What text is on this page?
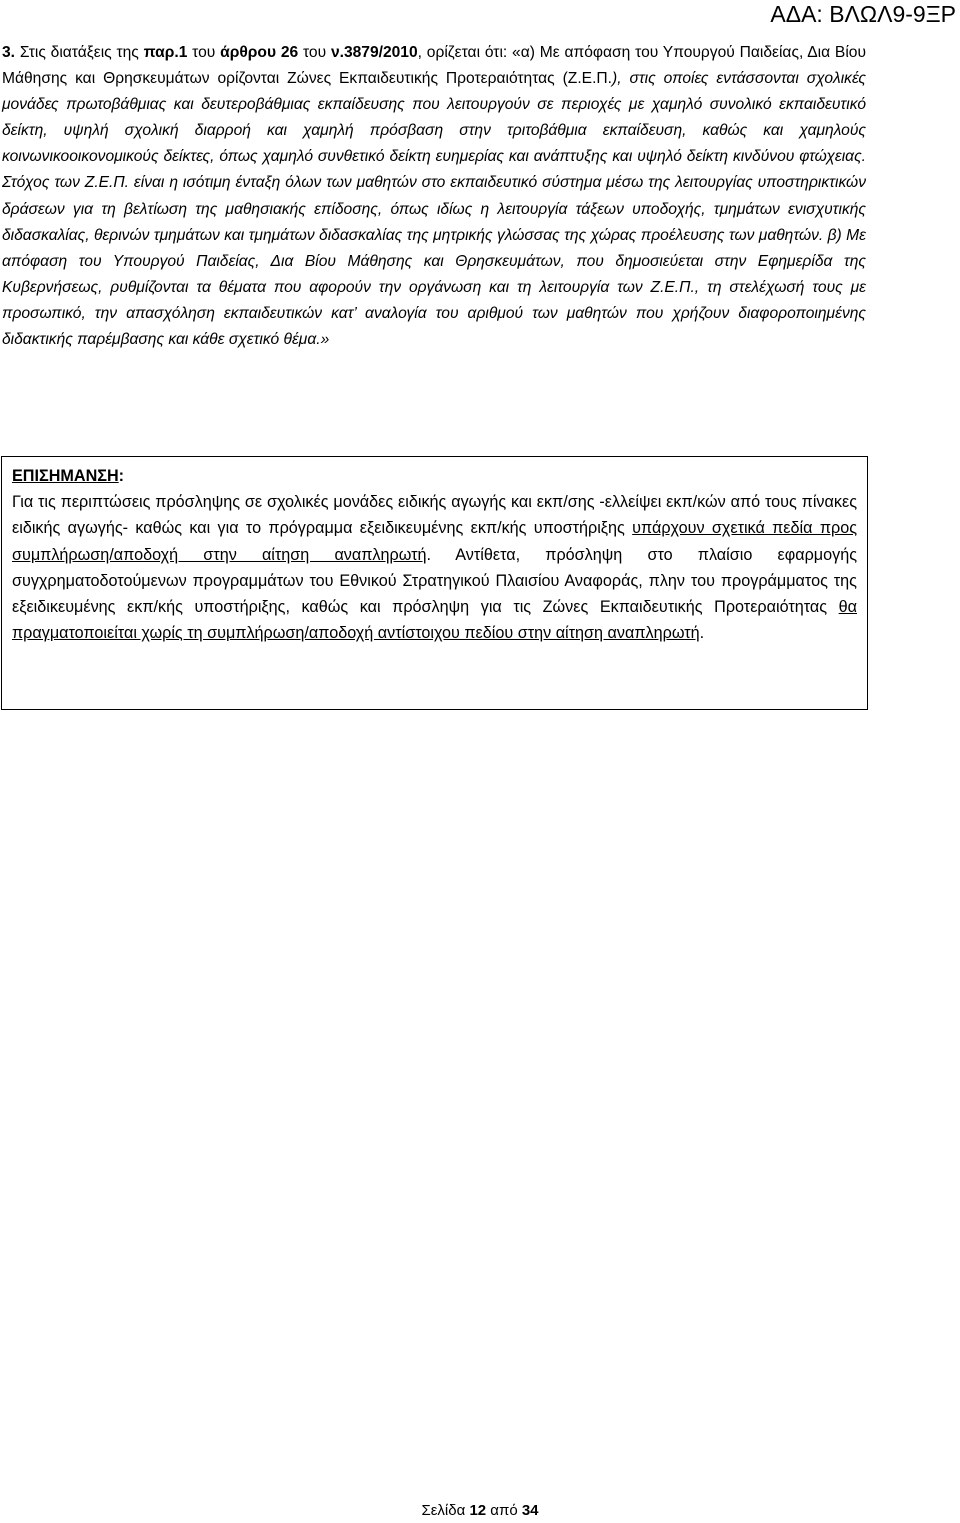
ΑΔΑ: ΒΛΩΛ9-9ΞΡ
3. Στις διατάξεις της παρ.1 του άρθρου 26 του ν.3879/2010, ορίζεται ότι: «α) Με απόφαση του Υπουργού Παιδείας, Δια Βίου Μάθησης και Θρησκευμάτων ορίζονται Ζώνες Εκπαιδευτικής Προτεραιότητας (Ζ.Ε.Π.), στις οποίες εντάσσονται σχολικές μονάδες πρωτοβάθμιας και δευτεροβάθμιας εκπαίδευσης που λειτουργούν σε περιοχές με χαμηλό συνολικό εκπαιδευτικό δείκτη, υψηλή σχολική διαρροή και χαμηλή πρόσβαση στην τριτοβάθμια εκπαίδευση, καθώς και χαμηλούς κοινωνικοοικονομικούς δείκτες, όπως χαμηλό συνθετικό δείκτη ευημερίας και ανάπτυξης και υψηλό δείκτη κινδύνου φτώχειας. Στόχος των Ζ.Ε.Π. είναι η ισότιμη ένταξη όλων των μαθητών στο εκπαιδευτικό σύστημα μέσω της λειτουργίας υποστηρικτικών δράσεων για τη βελτίωση της μαθησιακής επίδοσης, όπως ιδίως η λειτουργία τάξεων υποδοχής, τμημάτων ενισχυτικής διδασκαλίας, θερινών τμημάτων και τμημάτων διδασκαλίας της μητρικής γλώσσας της χώρας προέλευσης των μαθητών. β) Με απόφαση του Υπουργού Παιδείας, Δια Βίου Μάθησης και Θρησκευμάτων, που δημοσιεύεται στην Εφημερίδα της Κυβερνήσεως, ρυθμίζονται τα θέματα που αφορούν την οργάνωση και τη λειτουργία των Ζ.Ε.Π., τη στελέχωσή τους με προσωπικό, την απασχόληση εκπαιδευτικών κατ’ αναλογία του αριθμού των μαθητών που χρήζουν διαφοροποιημένης διδακτικής παρέμβασης και κάθε σχετικό θέμα.»
ΕΠΙΣΗΜΑΝΣΗ:
Για τις περιπτώσεις πρόσληψης σε σχολικές μονάδες ειδικής αγωγής και εκπ/σης -ελλείψει εκπ/κών από τους πίνακες ειδικής αγωγής- καθώς και για το πρόγραμμα εξειδικευμένης εκπ/κής υποστήριξης υπάρχουν σχετικά πεδία προς συμπλήρωση/αποδοχή στην αίτηση αναπληρωτή. Αντίθετα, πρόσληψη στο πλαίσιο εφαρμογής συγχρηματοδοτούμενων προγραμμάτων του Εθνικού Στρατηγικού Πλαισίου Αναφοράς, πλην του προγράμματος της εξειδικευμένης εκπ/κής υποστήριξης, καθώς και πρόσληψη για τις Ζώνες Εκπαιδευτικής Προτεραιότητας θα πραγματοποιείται χωρίς τη συμπλήρωση/αποδοχή αντίστοιχου πεδίου στην αίτηση αναπληρωτή.
Σελίδα 12 από 34
